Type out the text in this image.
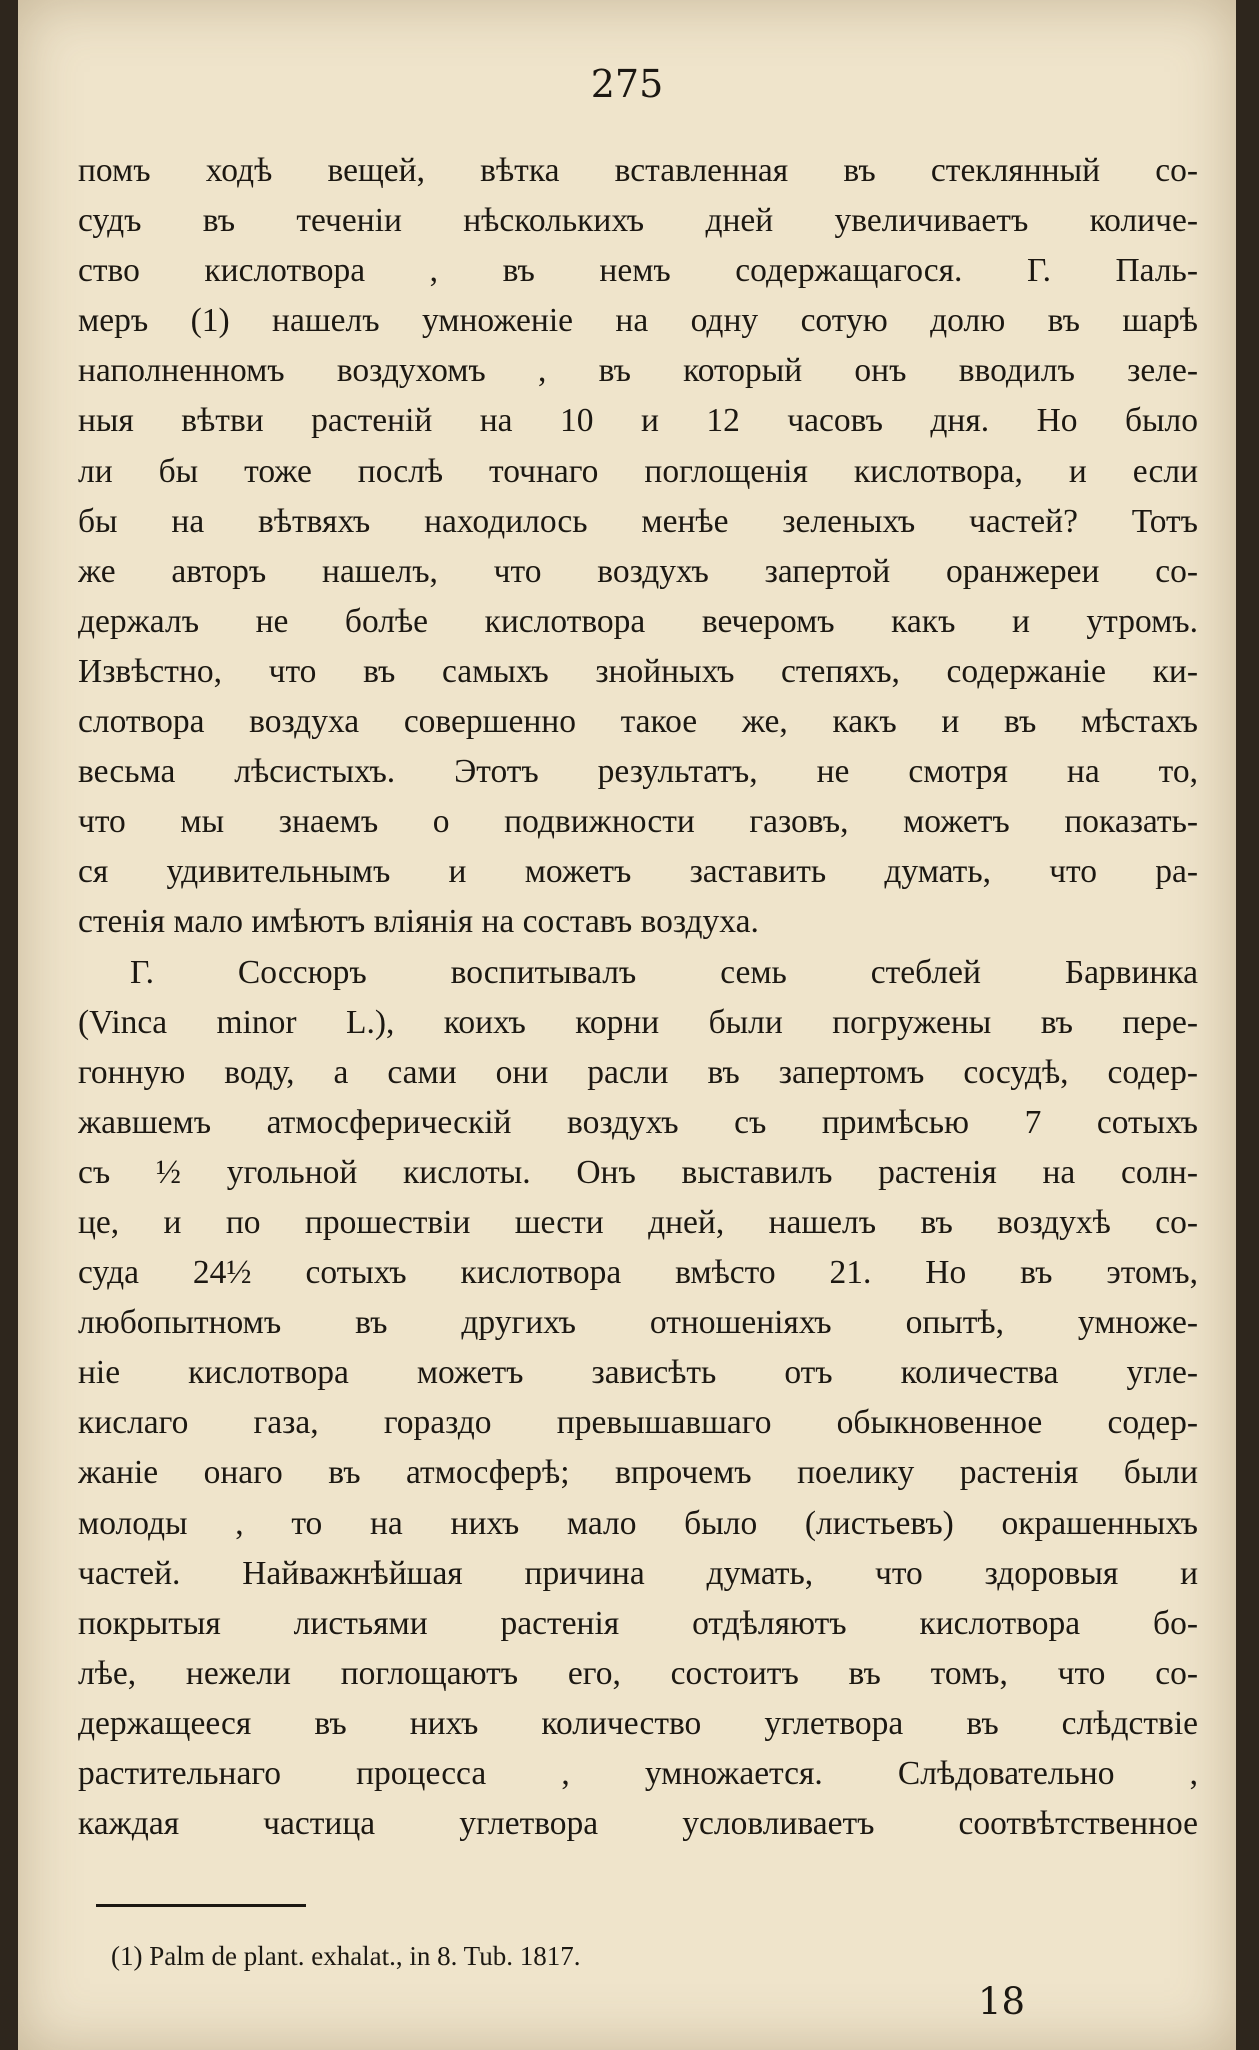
275
помъ ходѣ вещей, вѣтка вставленная въ стеклянный со-
судъ въ теченіи нѣсколькихъ дней увеличиваетъ количе-
ство кислотвора , въ немъ содержащагося. Г. Паль-
меръ (1) нашелъ умноженіе на одну сотую долю въ шарѣ
наполненномъ воздухомъ , въ который онъ вводилъ зеле-
ныя вѣтви растеній на 10 и 12 часовъ дня. Но было
ли бы тоже послѣ точнаго поглощенія кислотвора, и если
бы на вѣтвяхъ находилось менѣе зеленыхъ частей? Тотъ
же авторъ нашелъ, что воздухъ запертой оранжереи со-
держалъ не болѣе кислотвора вечеромъ какъ и утромъ.
Извѣстно, что въ самыхъ знойныхъ степяхъ, содержаніе ки-
слотвора воздуха совершенно такое же, какъ и въ мѣстахъ
весьма лѣсистыхъ. Этотъ результатъ, не смотря на то,
что мы знаемъ о подвижности газовъ, можетъ показать-
ся удивительнымъ и можетъ заставить думать, что ра-
стенія мало имѣютъ вліянія на составъ воздуха.
Г. Соссюръ воспитывалъ семь стеблей Барвинка
(Vinca minor L.), коихъ корни были погружены въ пере-
гонную воду, а сами они расли въ запертомъ сосудѣ, содер-
жавшемъ атмосферическій воздухъ съ примѣсью 7 сотыхъ
съ ½ угольной кислоты. Онъ выставилъ растенія на солн-
це, и по прошествіи шести дней, нашелъ въ воздухѣ со-
суда 24½ сотыхъ кислотвора вмѣсто 21. Но въ этомъ,
любопытномъ въ другихъ отношеніяхъ опытѣ, умноже-
ніе кислотвора можетъ зависѣть отъ количества угле-
кислаго газа, гораздо превышавшаго обыкновенное содер-
жаніе онаго въ атмосферѣ; впрочемъ поелику растенія были
молоды , то на нихъ мало было (листьевъ) окрашенныхъ
частей. Найважнѣйшая причина думать, что здоровыя и
покрытыя листьями растенія отдѣляютъ кислотвора бо-
лѣе, нежели поглощаютъ его, состоитъ въ томъ, что со-
держащееся въ нихъ количество углетвора въ слѣдствіе
растительнаго процесса , умножается. Слѣдовательно ,
каждая частица углетвора условливаетъ соотвѣтственное

(1) Palm de plant. exhalat., in 8. Tub. 1817.

18
